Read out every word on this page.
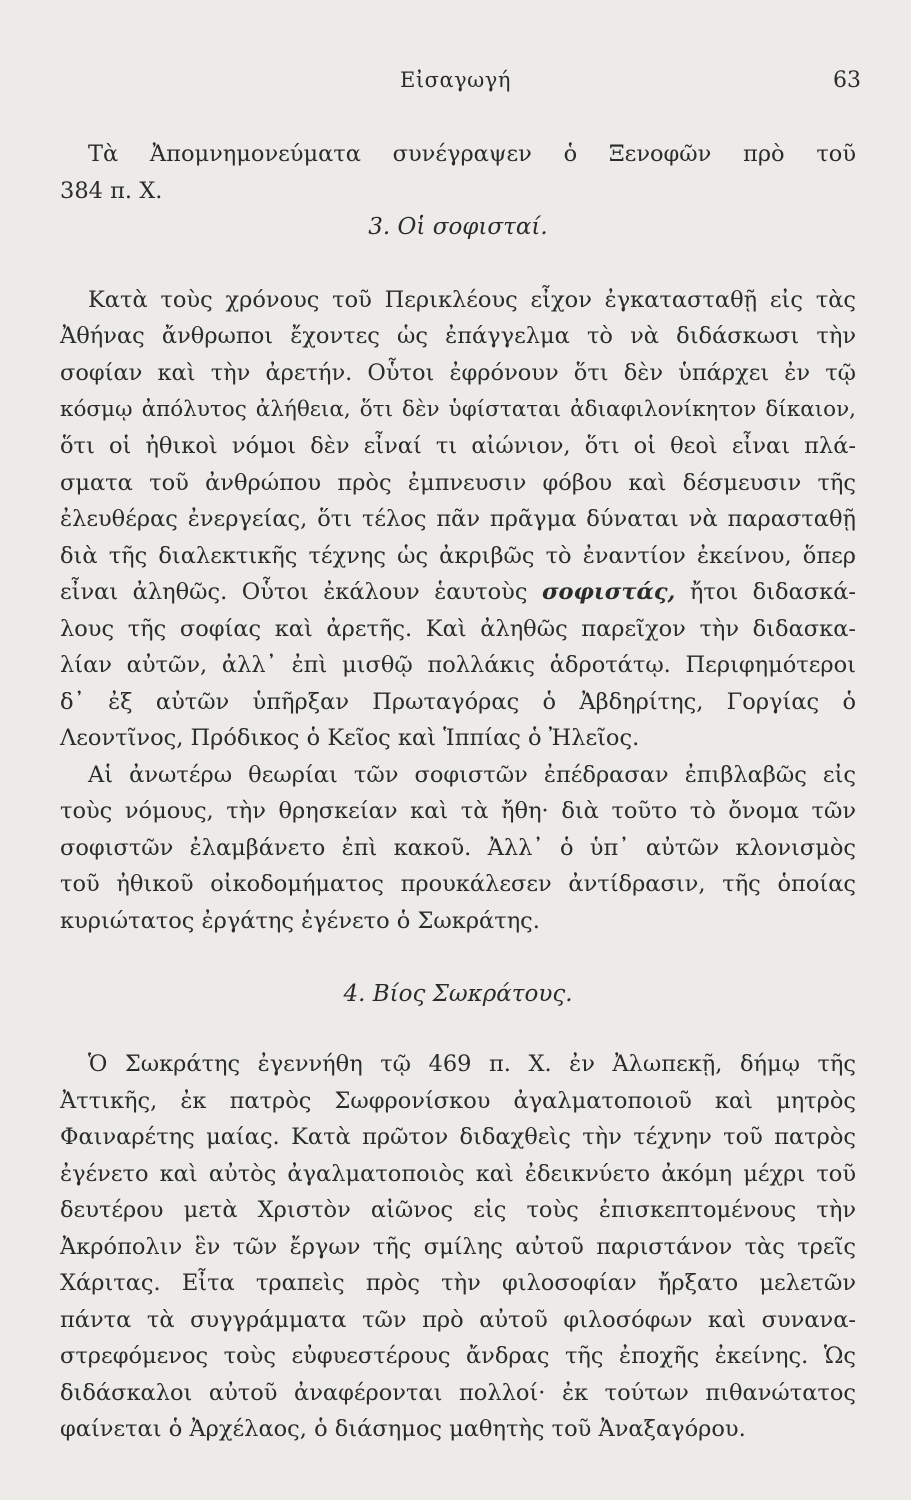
Εἰσαγωγή	63
Τὰ Ἀπομνημονεύματα συνέγραψεν ὁ Ξενοφῶν πρὸ τοῦ
384 π. Χ.
3. Οἱ σοφισταί.
Κατὰ τοὺς χρόνους τοῦ Περικλέους εἶχον ἐγκατασταθῇ εἰς τὰς
Ἀθήνας ἄνθρωποι ἔχοντες ὡς ἐπάγγελμα τὸ νὰ διδάσκωσι τὴν
σοφίαν καὶ τὴν ἀρετήν. Οὗτοι ἐφρόνουν ὅτι δὲν ὑπάρχει ἐν τῷ
κόσμῳ ἀπόλυτος ἀλήθεια, ὅτι δὲν ὑφίσταται ἀδιαφιλονίκητον δίκαιον,
ὅτι οἱ ἠθικοὶ νόμοι δὲν εἶναί τι αἰώνιον, ὅτι οἱ θεοὶ εἶναι πλά-
σματα τοῦ ἀνθρώπου πρὸς ἐμπνευσιν φόβου καὶ δέσμευσιν τῆς
ἐλευθέρας ἐνεργείας, ὅτι τέλος πᾶν πρᾶγμα δύναται νὰ παρασταθῇ
διὰ τῆς διαλεκτικῆς τέχνης ὡς ἀκριβῶς τὸ ἐναντίον ἐκείνου, ὅπερ
εἶναι ἀληθῶς. Οὗτοι ἐκάλουν ἑαυτοὺς σοφιστάς, ἤτοι διδασκά-
λους τῆς σοφίας καὶ ἀρετῆς. Καὶ ἀληθῶς παρεῖχον τὴν διδασκα-
λίαν αὐτῶν, ἀλλ᾿ ἐπὶ μισθῷ πολλάκις ἁδροτάτῳ. Περιφημότεροι
δ᾿ ἐξ αὐτῶν ὑπῆρξαν Πρωταγόρας ὁ Ἀβδηρίτης, Γοργίας ὁ
Λεοντῖνος, Πρόδικος ὁ Κεῖος καὶ Ἱππίας ὁ Ἠλεῖος.
Αἱ ἀνωτέρω θεωρίαι τῶν σοφιστῶν ἐπέδρασαν ἐπιβλαβῶς εἰς
τοὺς νόμους, τὴν θρησκείαν καὶ τὰ ἤθη· διὰ τοῦτο τὸ ὄνομα τῶν
σοφιστῶν ἐλαμβάνετο ἐπὶ κακοῦ. Ἀλλ᾿ ὁ ὑπ᾿ αὐτῶν κλονισμὸς
τοῦ ἠθικοῦ οἰκοδομήματος προυκάλεσεν ἀντίδρασιν, τῆς ὁποίας
κυριώτατος ἐργάτης ἐγένετο ὁ Σωκράτης.
4. Βίος Σωκράτους.
Ὁ Σωκράτης ἐγεννήθη τῷ 469 π. Χ. ἐν Ἀλωπεκῇ, δήμῳ τῆς
Ἀττικῆς, ἐκ πατρὸς Σωφρονίσκου ἀγαλματοποιοῦ καὶ μητρὸς
Φαιναρέτης μαίας. Κατὰ πρῶτον διδαχθεὶς τὴν τέχνην τοῦ πατρὸς
ἐγένετο καὶ αὐτὸς ἀγαλματοποιὸς καὶ ἐδεικνύετο ἀκόμη μέχρι τοῦ
δευτέρου μετὰ Χριστὸν αἰῶνος εἰς τοὺς ἐπισκεπτομένους τὴν
Ἀκρόπολιν ἓν τῶν ἔργων τῆς σμίλης αὐτοῦ παριστάνον τὰς τρεῖς
Χάριτας. Εἶτα τραπεὶς πρὸς τὴν φιλοσοφίαν ἤρξατο μελετῶν
πάντα τὰ συγγράμματα τῶν πρὸ αὐτοῦ φιλοσόφων καὶ συνανα-
στρεφόμενος τοὺς εὐφυεστέρους ἄνδρας τῆς ἐποχῆς ἐκείνης. Ὡς
διδάσκαλοι αὐτοῦ ἀναφέρονται πολλοί· ἐκ τούτων πιθανώτατος
φαίνεται ὁ Ἀρχέλαος, ὁ διάσημος μαθητὴς τοῦ Ἀναξαγόρου.
